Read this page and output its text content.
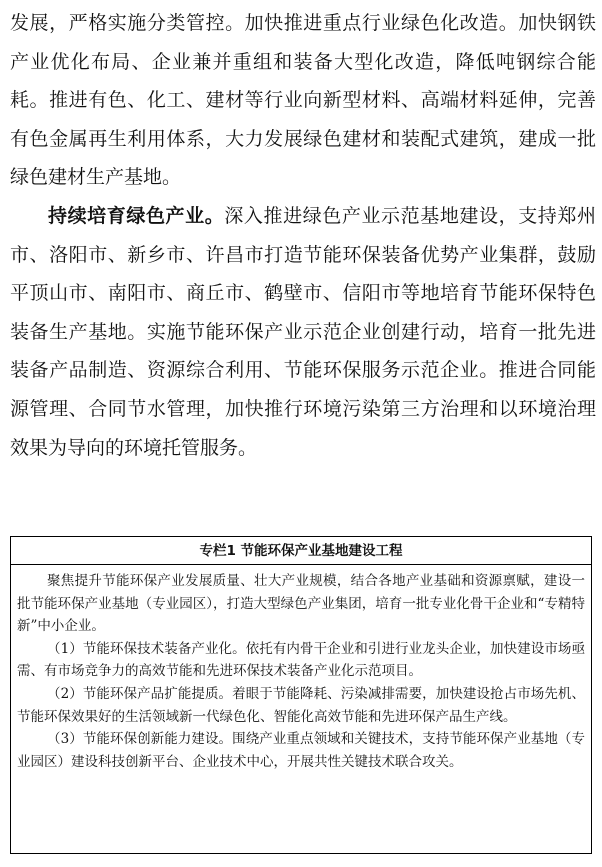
发展，严格实施分类管控。加快推进重点行业绿色化改造。加快钢铁产业优化布局、企业兼并重组和装备大型化改造，降低吨钢综合能耗。推进有色、化工、建材等行业向新型材料、高端材料延伸，完善有色金属再生利用体系，大力发展绿色建材和装配式建筑，建成一批绿色建材生产基地。

持续培育绿色产业。深入推进绿色产业示范基地建设，支持郑州市、洛阳市、新乡市、许昌市打造节能环保装备优势产业集群，鼓励平顶山市、南阳市、商丘市、鹤壁市、信阳市等地培育节能环保特色装备生产基地。实施节能环保产业示范企业创建行动，培育一批先进装备产品制造、资源综合利用、节能环保服务示范企业。推进合同能源管理、合同节水管理，加快推行环境污染第三方治理和以环境治理效果为导向的环境托管服务。

专栏1 节能环保产业基地建设工程

聚焦提升节能环保产业发展质量、壮大产业规模，结合各地产业基础和资源禀赋，建设一批节能环保产业基地（专业园区），打造大型绿色产业集团，培育一批专业化骨干企业和“专精特新”中小企业。

（1）节能环保技术装备产业化。依托有内骨干企业和引进行业龙头企业，加快建设市场亟需、有市场竞争力的高效节能和先进环保技术装备产业化示范项目。

（2）节能环保产品扩能提质。着眼于节能降耗、污染减排需要，加快建设抢占市场先机、节能环保效果好的生活领域新一代绿色化、智能化高效节能和先进环保产品生产线。

（3）节能环保创新能力建设。围绕产业重点领域和关键技术，支持节能环保产业基地（专业园区）建设科技创新平台、企业技术中心，开展共性关键技术联合攻关。
